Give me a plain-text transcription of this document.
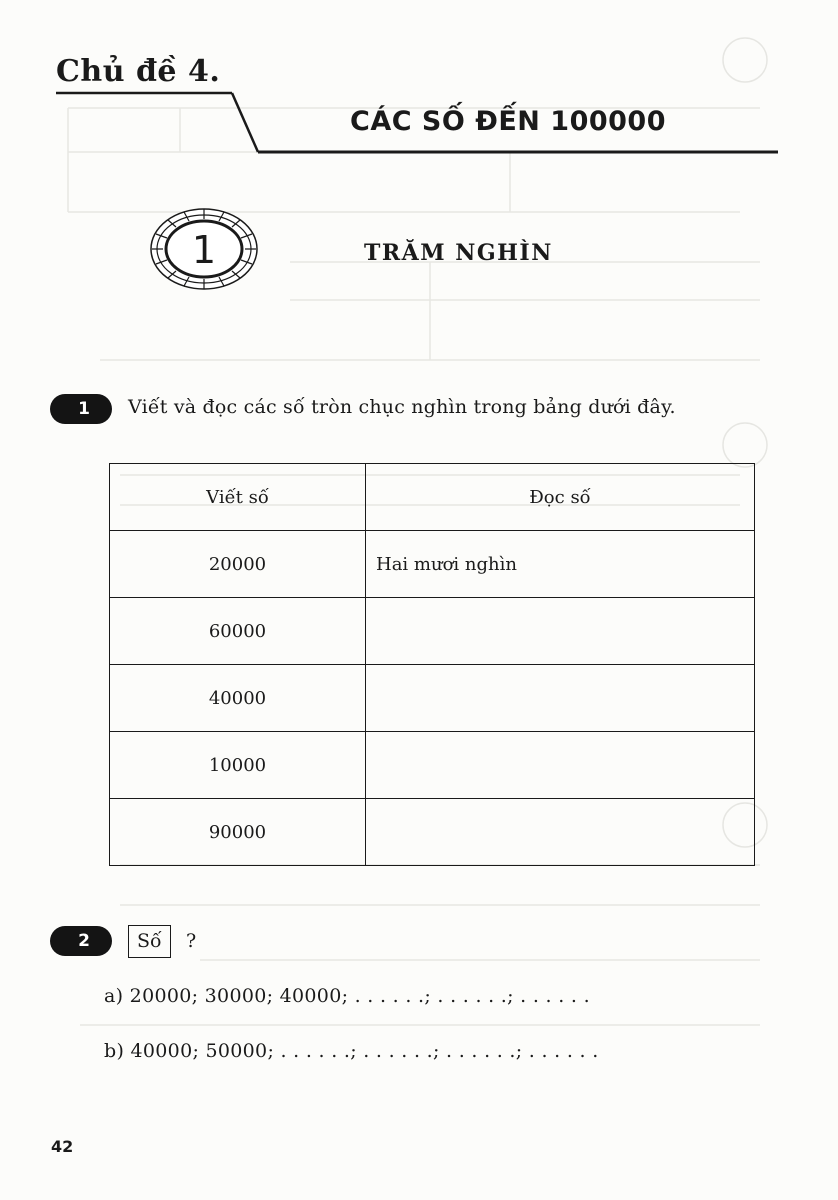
Chủ đề 4.
CÁC SỐ ĐẾN 100000
1	TRĂM NGHÌN
1	Viết và đọc các số tròn chục nghìn trong bảng dưới đây.
Viết số	Đọc số
20000	Hai mươi nghìn
60000	
40000	
10000	
90000	
2	Số	?
a) 20000; 30000; 40000; . . . . . .; . . . . . .; . . . . . .
b) 40000; 50000; . . . . . .; . . . . . .; . . . . . .; . . . . . .
42
